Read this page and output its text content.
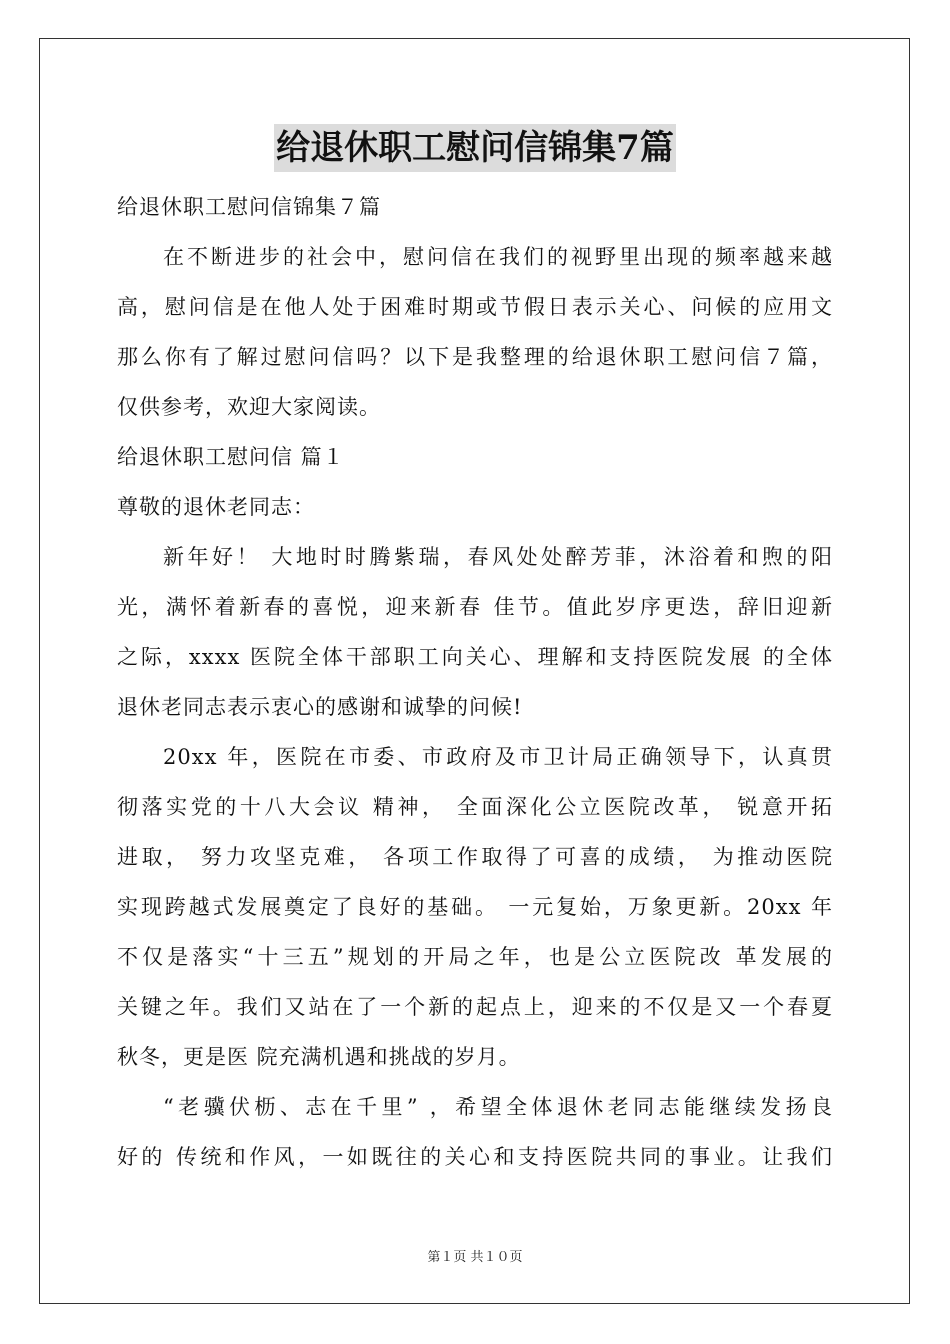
给退休职工慰问信锦集7篇
给退休职工慰问信锦集７篇
在不断进步的社会中，慰问信在我们的视野里出现的频率越来越
高，慰问信是在他人处于困难时期或节假日表示关心、问候的应用文
那么你有了解过慰问信吗？以下是我整理的给退休职工慰问信７篇，
仅供参考，欢迎大家阅读。
给退休职工慰问信 篇１
尊敬的退休老同志：
新年好！ 大地时时腾紫瑞，春风处处醉芳菲，沐浴着和煦的阳
光，满怀着新春的喜悦，迎来新春 佳节。值此岁序更迭，辞旧迎新
之际，xxxx 医院全体干部职工向关心、理解和支持医院发展 的全体
退休老同志表示衷心的感谢和诚挚的问候!
20xx 年，医院在市委、市政府及市卫计局正确领导下，认真贯
彻落实党的十八大会议 精神， 全面深化公立医院改革， 锐意开拓
进取， 努力攻坚克难， 各项工作取得了可喜的成绩， 为推动医院
实现跨越式发展奠定了良好的基础。 一元复始，万象更新。20xx 年
不仅是落实“十三五”规划的开局之年，也是公立医院改 革发展的
关键之年。我们又站在了一个新的起点上，迎来的不仅是又一个春夏
秋冬，更是医 院充满机遇和挑战的岁月。
“老骥伏枥、志在千里” ，希望全体退休老同志能继续发扬良
好的 传统和作风，一如既往的关心和支持医院共同的事业。让我们
第１页 共１０页
